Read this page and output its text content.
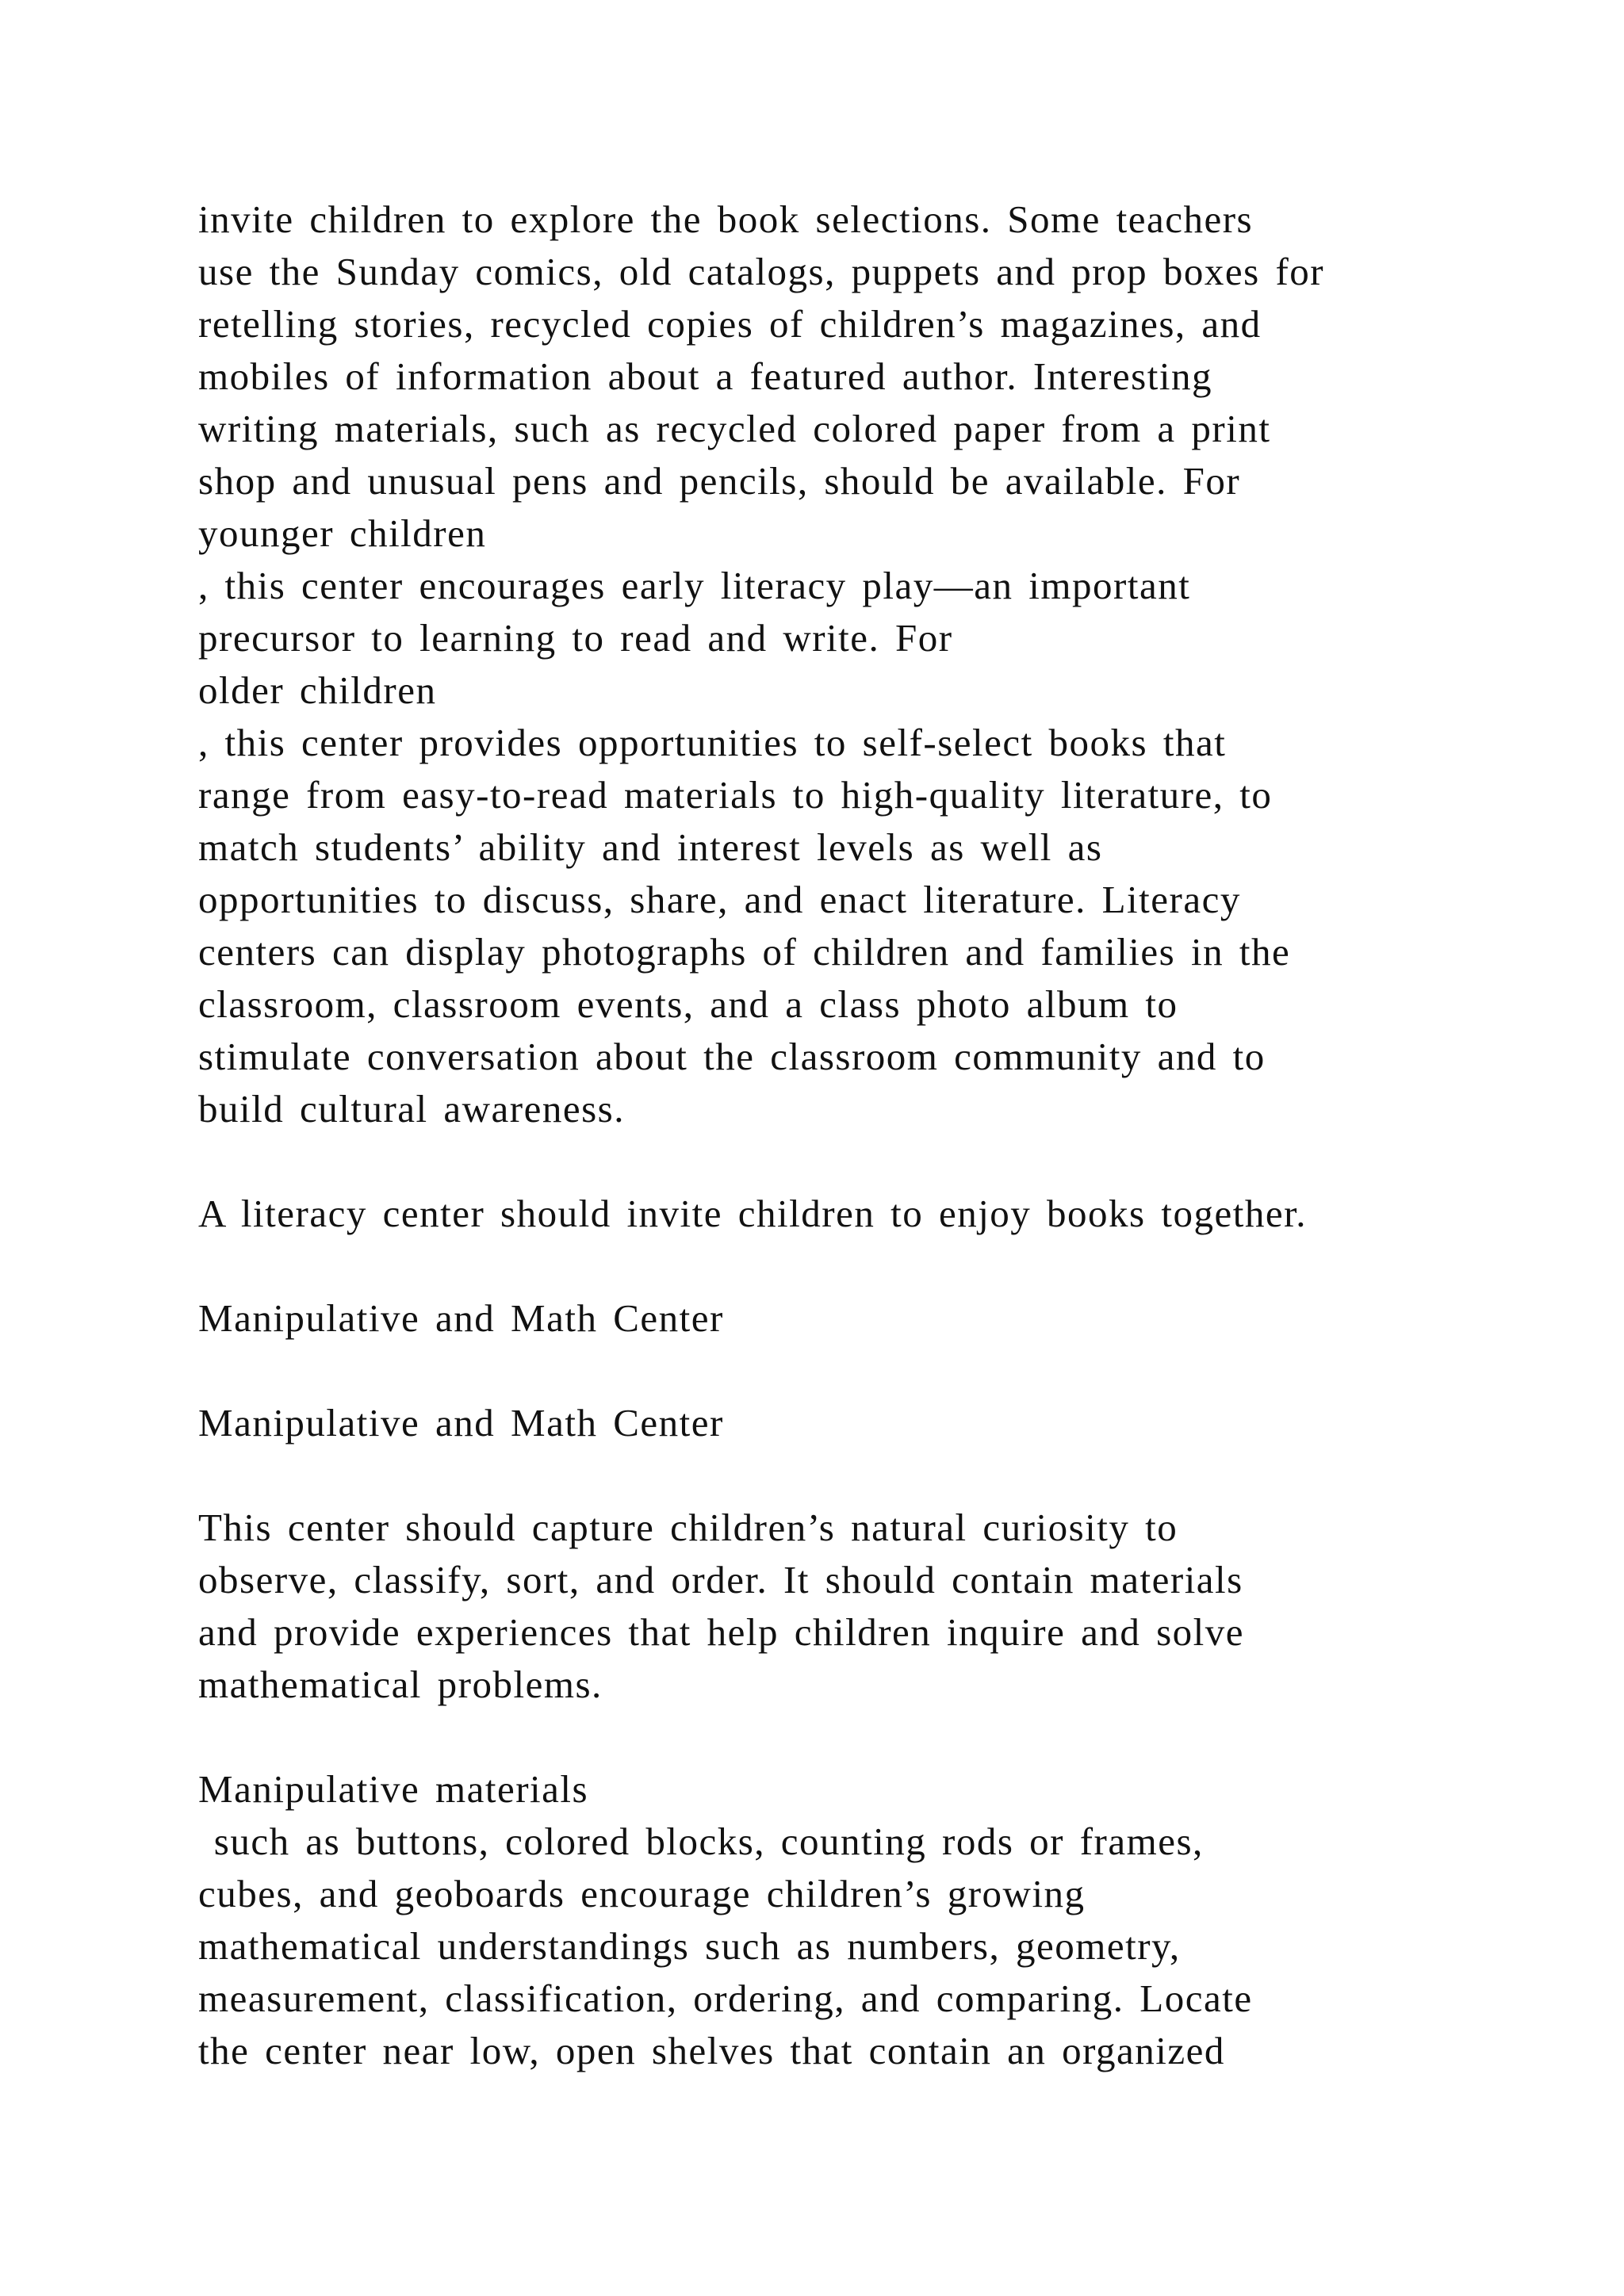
invite children to explore the book selections. Some teachers
use the Sunday comics, old catalogs, puppets and prop boxes for
retelling stories, recycled copies of children’s magazines, and
mobiles of information about a featured author. Interesting
writing materials, such as recycled colored paper from a print
shop and unusual pens and pencils, should be available. For
younger children
, this center encourages early literacy play—an important
precursor to learning to read and write. For
older children
, this center provides opportunities to self-select books that
range from easy-to-read materials to high-quality literature, to
match students’ ability and interest levels as well as
opportunities to discuss, share, and enact literature. Literacy
centers can display photographs of children and families in the
classroom, classroom events, and a class photo album to
stimulate conversation about the classroom community and to
build cultural awareness.
A literacy center should invite children to enjoy books together.
Manipulative and Math Center
Manipulative and Math Center
This center should capture children’s natural curiosity to
observe, classify, sort, and order. It should contain materials
and provide experiences that help children inquire and solve
mathematical problems.
Manipulative materials
such as buttons, colored blocks, counting rods or frames,
cubes, and geoboards encourage children’s growing
mathematical understandings such as numbers, geometry,
measurement, classification, ordering, and comparing. Locate
the center near low, open shelves that contain an organized
